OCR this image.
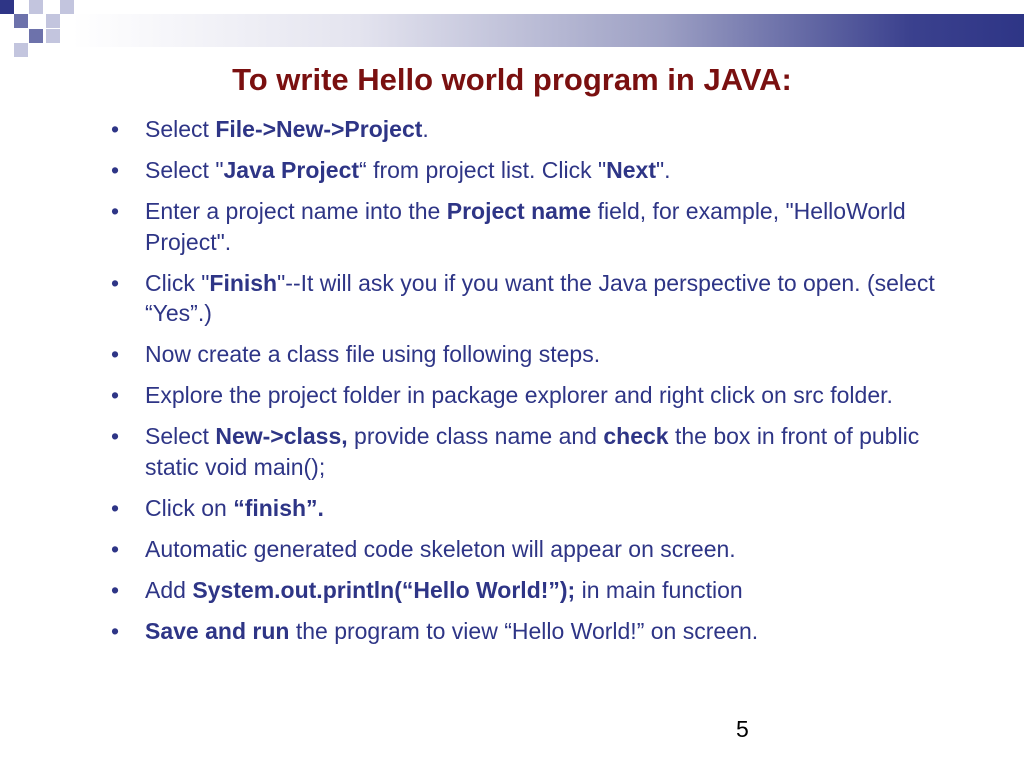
To write Hello world program in JAVA:
• Select File->New->Project.
• Select "Java Project“ from project list. Click "Next".
• Enter a project name into the Project name field, for example, "HelloWorld Project".
• Click "Finish"--It will ask you if you want the Java perspective to open. (select “Yes”.)
• Now create a class file using following steps.
• Explore the project folder in package explorer and right click on src folder.
• Select New->class, provide class name and check the box in front of public static void main();
• Click on “finish”.
• Automatic generated code skeleton will appear on screen.
• Add System.out.println(“Hello World!”); in main function
• Save and run the program to view “Hello World!” on screen.
5
